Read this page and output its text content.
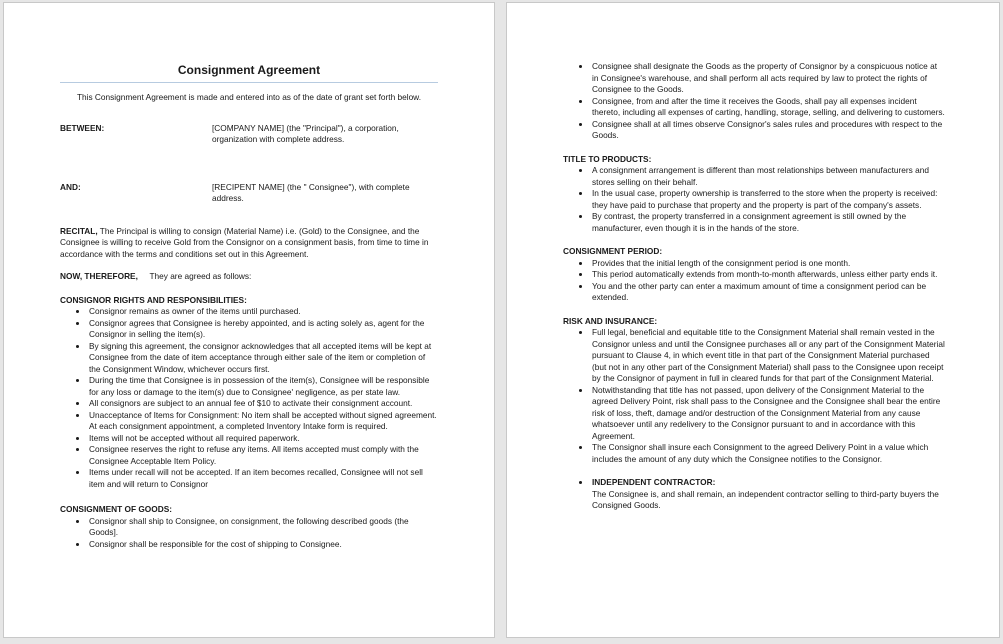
Consignment Agreement

This Consignment Agreement is made and entered into as of the date of grant set forth below.

BETWEEN:	[COMPANY NAME] (the "Principal"), a corporation, organization with complete address.
AND:	[RECIPENT NAME] (the " Consignee"), with complete address.

RECITAL, The Principal is willing to consign (Material Name) i.e. (Gold) to the Consignee, and the Consignee is willing to receive Gold from the Consignor on a consignment basis, from time to time in accordance with the terms and conditions set out in this Agreement.

NOW, THEREFORE, They are agreed as follows:

CONSIGNOR RIGHTS AND RESPONSIBILITIES:
Consignor remains as owner of the items until purchased.
Consignor agrees that Consignee is hereby appointed, and is acting solely as, agent for the Consignor in selling the item(s).
By signing this agreement, the consignor acknowledges that all accepted items will be kept at Consignee from the date of item acceptance through either sale of the item or completion of the Consignment Window, whichever occurs first.
During the time that Consignee is in possession of the item(s), Consignee will be responsible for any loss or damage to the item(s) due to Consignee' negligence, as per state law.
All consignors are subject to an annual fee of $10 to activate their consignment account.
Unacceptance of Items for Consignment: No item shall be accepted without signed agreement. At each consignment appointment, a completed Inventory Intake form is required.
Items will not be accepted without all required paperwork.
Consignee reserves the right to refuse any items. All items accepted must comply with the Consignee Acceptable Item Policy.
Items under recall will not be accepted. If an item becomes recalled, Consignee will not sell item and will return to Consignor
CONSIGNMENT OF GOODS:
Consignor shall ship to Consignee, on consignment, the following described goods (the Goods].
Consignor shall be responsible for the cost of shipping to Consignee.
Consignee shall designate the Goods as the property of Consignor by a conspicuous notice at in Consignee's warehouse, and shall perform all acts required by law to protect the rights of Consignee to the Goods.
Consignee, from and after the time it receives the Goods, shall pay all expenses incident thereto, including all expenses of carting, handling, storage, selling, and delivering to customers.
Consignee shall at all times observe Consignor's sales rules and procedures with respect to the Goods.
TITLE TO PRODUCTS:
A consignment arrangement is different than most relationships between manufacturers and stores selling on their behalf.
In the usual case, property ownership is transferred to the store when the property is received: they have paid to purchase that property and the property is part of the company's assets.
By contrast, the property transferred in a consignment agreement is still owned by the manufacturer, even though it is in the hands of the store.
CONSIGNMENT PERIOD:
Provides that the initial length of the consignment period is one month.
This period automatically extends from month-to-month afterwards, unless either party ends it.
You and the other party can enter a maximum amount of time a consignment period can be extended.
RISK AND INSURANCE:
Full legal, beneficial and equitable title to the Consignment Material shall remain vested in the Consignor unless and until the Consignee purchases all or any part of the Consignment Material pursuant to Clause 4, in which event title in that part of the Consignment Material purchased (but not in any other part of the Consignment Material) shall pass to the Consignee upon receipt by the Consignor of payment in full in cleared funds for that part of the Consignment Material.
Notwithstanding that title has not passed, upon delivery of the Consignment Material to the agreed Delivery Point, risk shall pass to the Consignee and the Consignee shall bear the entire risk of loss, theft, damage and/or destruction of the Consignment Material from any cause whatsoever until any redelivery to the Consignor pursuant to and in accordance with this Agreement.
The Consignor shall insure each Consignment to the agreed Delivery Point in a value which includes the amount of any duty which the Consignee notifies to the Consignor.
INDEPENDENT CONTRACTOR:
The Consignee is, and shall remain, an independent contractor selling to third-party buyers the Consigned Goods.
